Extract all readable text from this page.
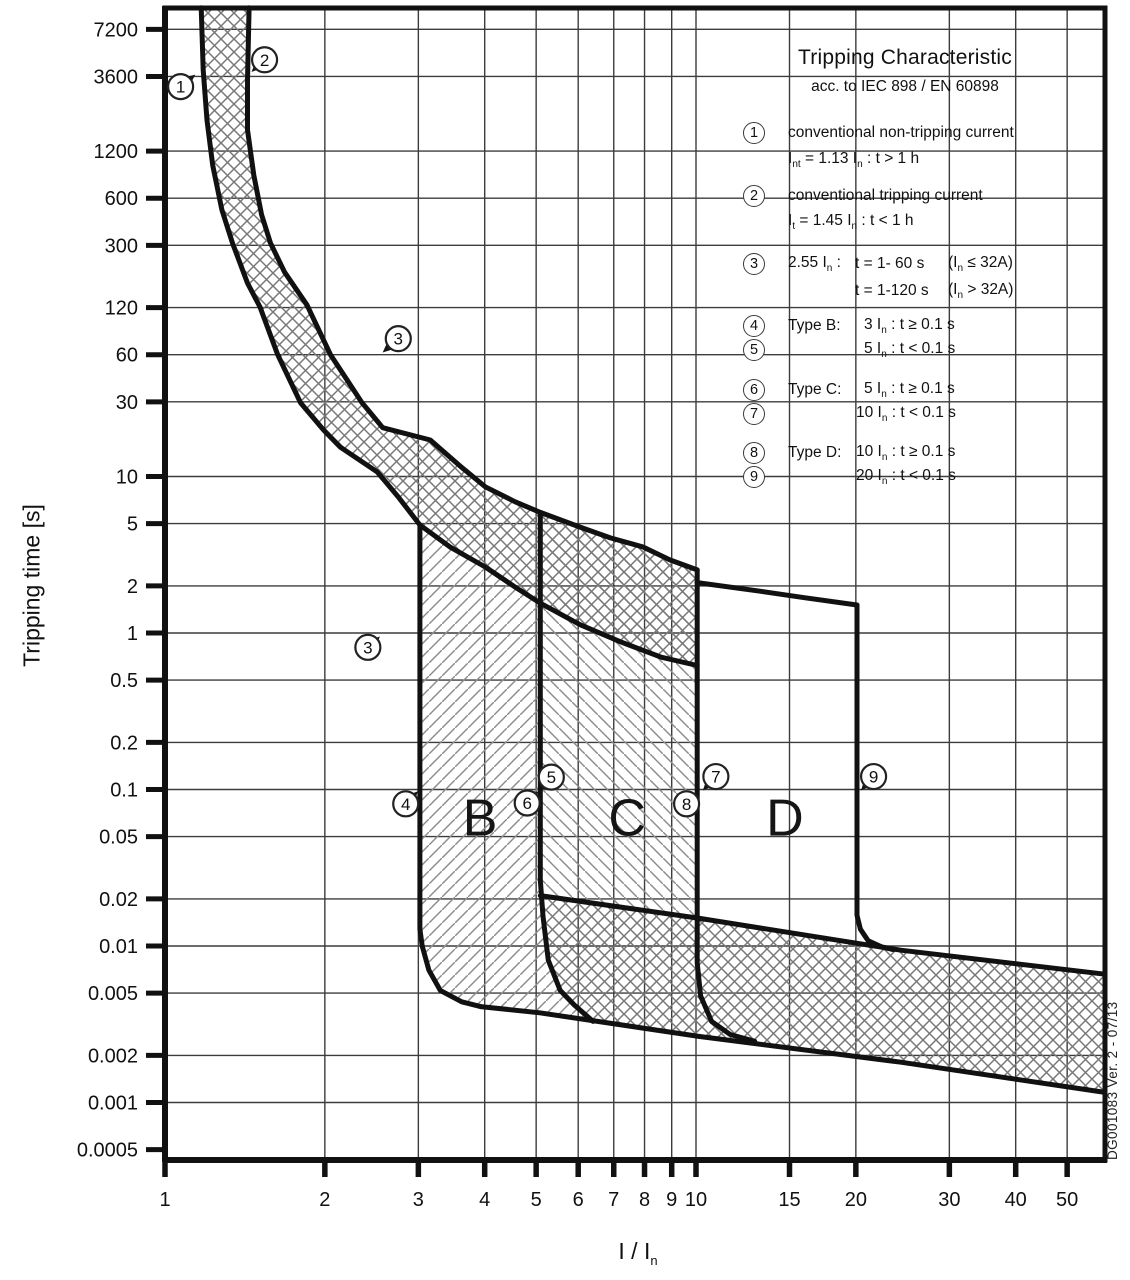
7200
3600
1200
600
300
120
60
30
10
5
2
1
0.5
0.2
0.1
0.05
0.02
0.01
0.005
0.002
0.001
0.0005
1	2	3	4 5 6 7 8 9 10	15 20	30 40 50
B C D
1
2
3
3
4
5
6
7
8
9
Tripping Characteristic
acc. to IEC 898 / EN 60898
1	conventional non-tripping current
$I_{nt} = 1.13$ $I_n$ : t > 1 h
2	conventional tripping current
$I_t = 1.45$ $I_n$ : t < 1 h
3	2.55 $I_n$ : t = 1- 60 s $(I_n \le 32A)$
t = 1-120 s $(I_n > 32A)$
4	Type B: 3 $I_n$ : t ≥ 0.1 s
5	5 $I_n$ : t < 0.1 s
6	Type C: 5 $I_n$ : t ≥ 0.1 s
7	10 $I_n$ : t < 0.1 s
8	Type D: 10 $I_n$ : t ≥ 0.1 s
9	20 $I_n$ : t < 0.1 s
Tripping time [s]
I / $I_n$
DG001083 Ver. 2 - 07/13
